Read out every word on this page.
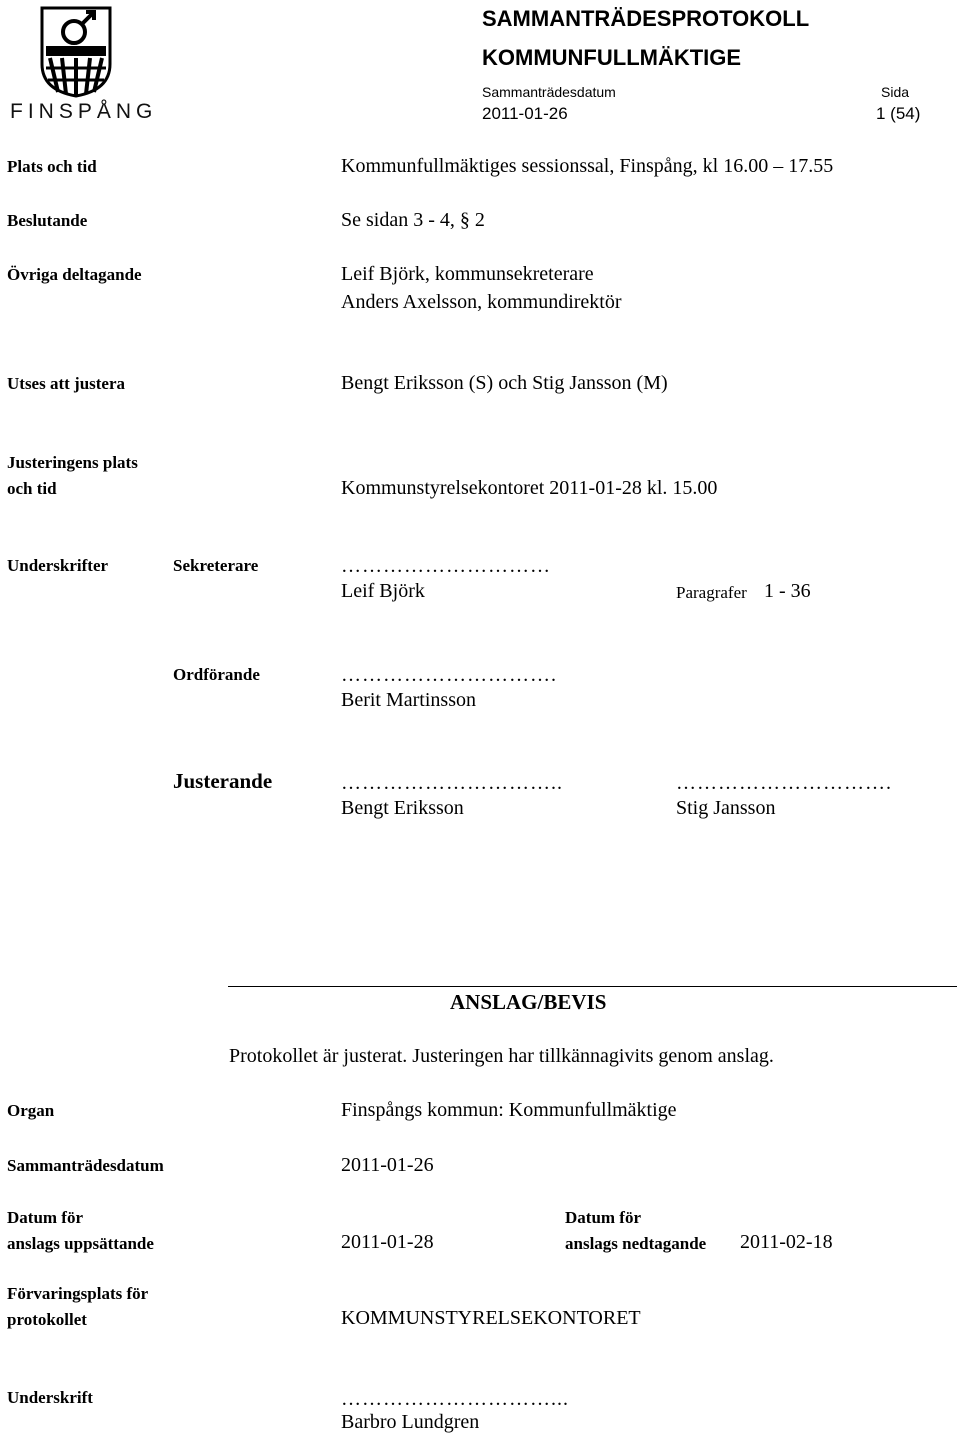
FINSPÅNG
SAMMANTRÄDESPROTOKOLL
KOMMUNFULLMÄKTIGE
Sammanträdesdatum	Sida
2011-01-26	1 (54)
Plats och tid	Kommunfullmäktiges sessionssal, Finspång, kl 16.00 – 17.55
Beslutande	Se sidan 3 - 4, § 2
Övriga deltagande	Leif Björk, kommunsekreterare
Anders Axelsson, kommundirektör
Utses att justera	Bengt Eriksson (S) och Stig Jansson (M)
Justeringens plats
och tid	Kommunstyrelsekontoret 2011-01-28 kl. 15.00
Underskrifter	Sekreterare	…………………………
Leif Björk	Paragrafer 1 - 36
Ordförande	………………………….
Berit Martinsson
Justerande	…………………………..
Bengt Eriksson
………………………….
Stig Jansson
ANSLAG/BEVIS
Protokollet är justerat. Justeringen har tillkännagivits genom anslag.
Organ	Finspångs kommun: Kommunfullmäktige
Sammanträdesdatum	2011-01-26
Datum för
anslags uppsättande	2011-01-28
Datum för
anslags nedtagande 2011-02-18
Förvaringsplats för
protokollet	KOMMUNSTYRELSEKONTORET
Underskrift	…………………………...
Barbro Lundgren
